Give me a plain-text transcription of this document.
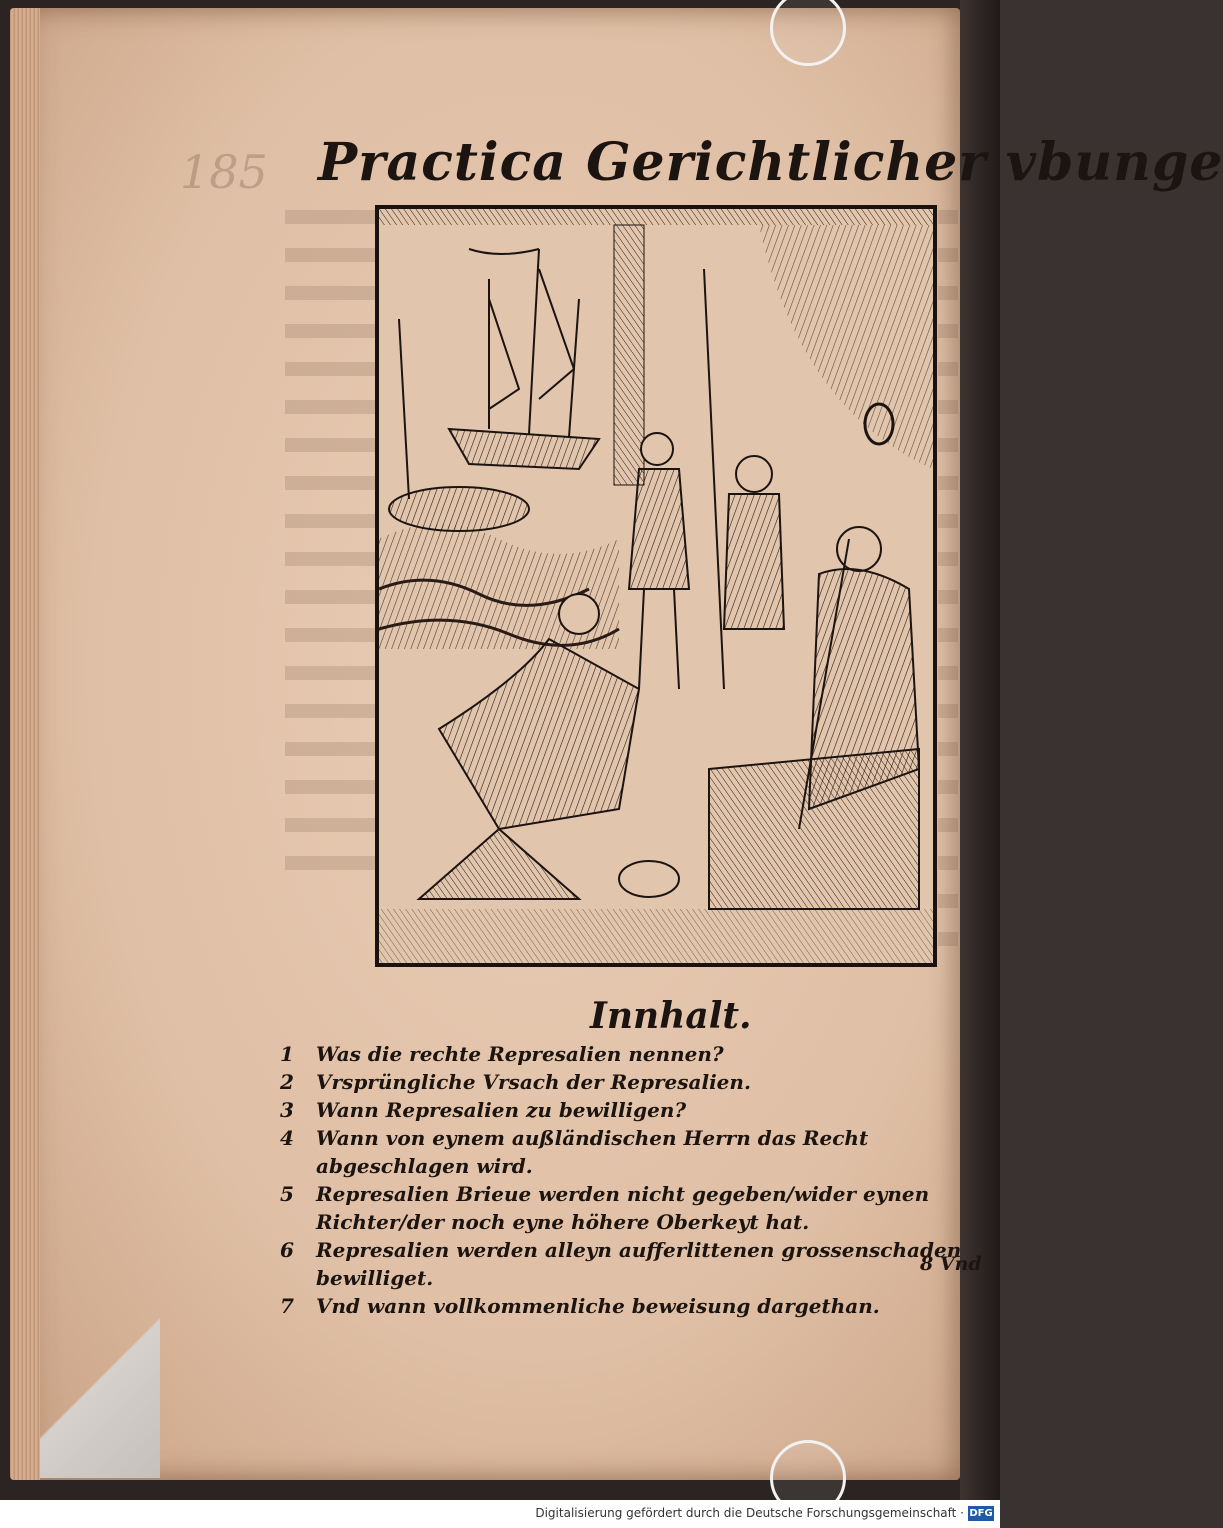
185 Practica Gerichtlicher vbunge
Innhalt.
1	Was die rechte Represalien nennen?
2	Vrsprüngliche Vrsach der Represalien.
3	Wann Represalien zu bewilligen?
4	Wann von eynem außländischen Herrn das Recht abgeschlagen wird.
5	Represalien Brieue werden nicht gegeben/wider eynen Richter/der noch eyne höhere Oberkeyt hat.
6	Represalien werden alleyn aufferlittenen grossenschaden bewilliget.
7	Vnd wann vollkommenliche beweisung dargethan.
8 Vnd
Digitalisierung gefördert durch die Deutsche Forschungsgemeinschaft · DFG
